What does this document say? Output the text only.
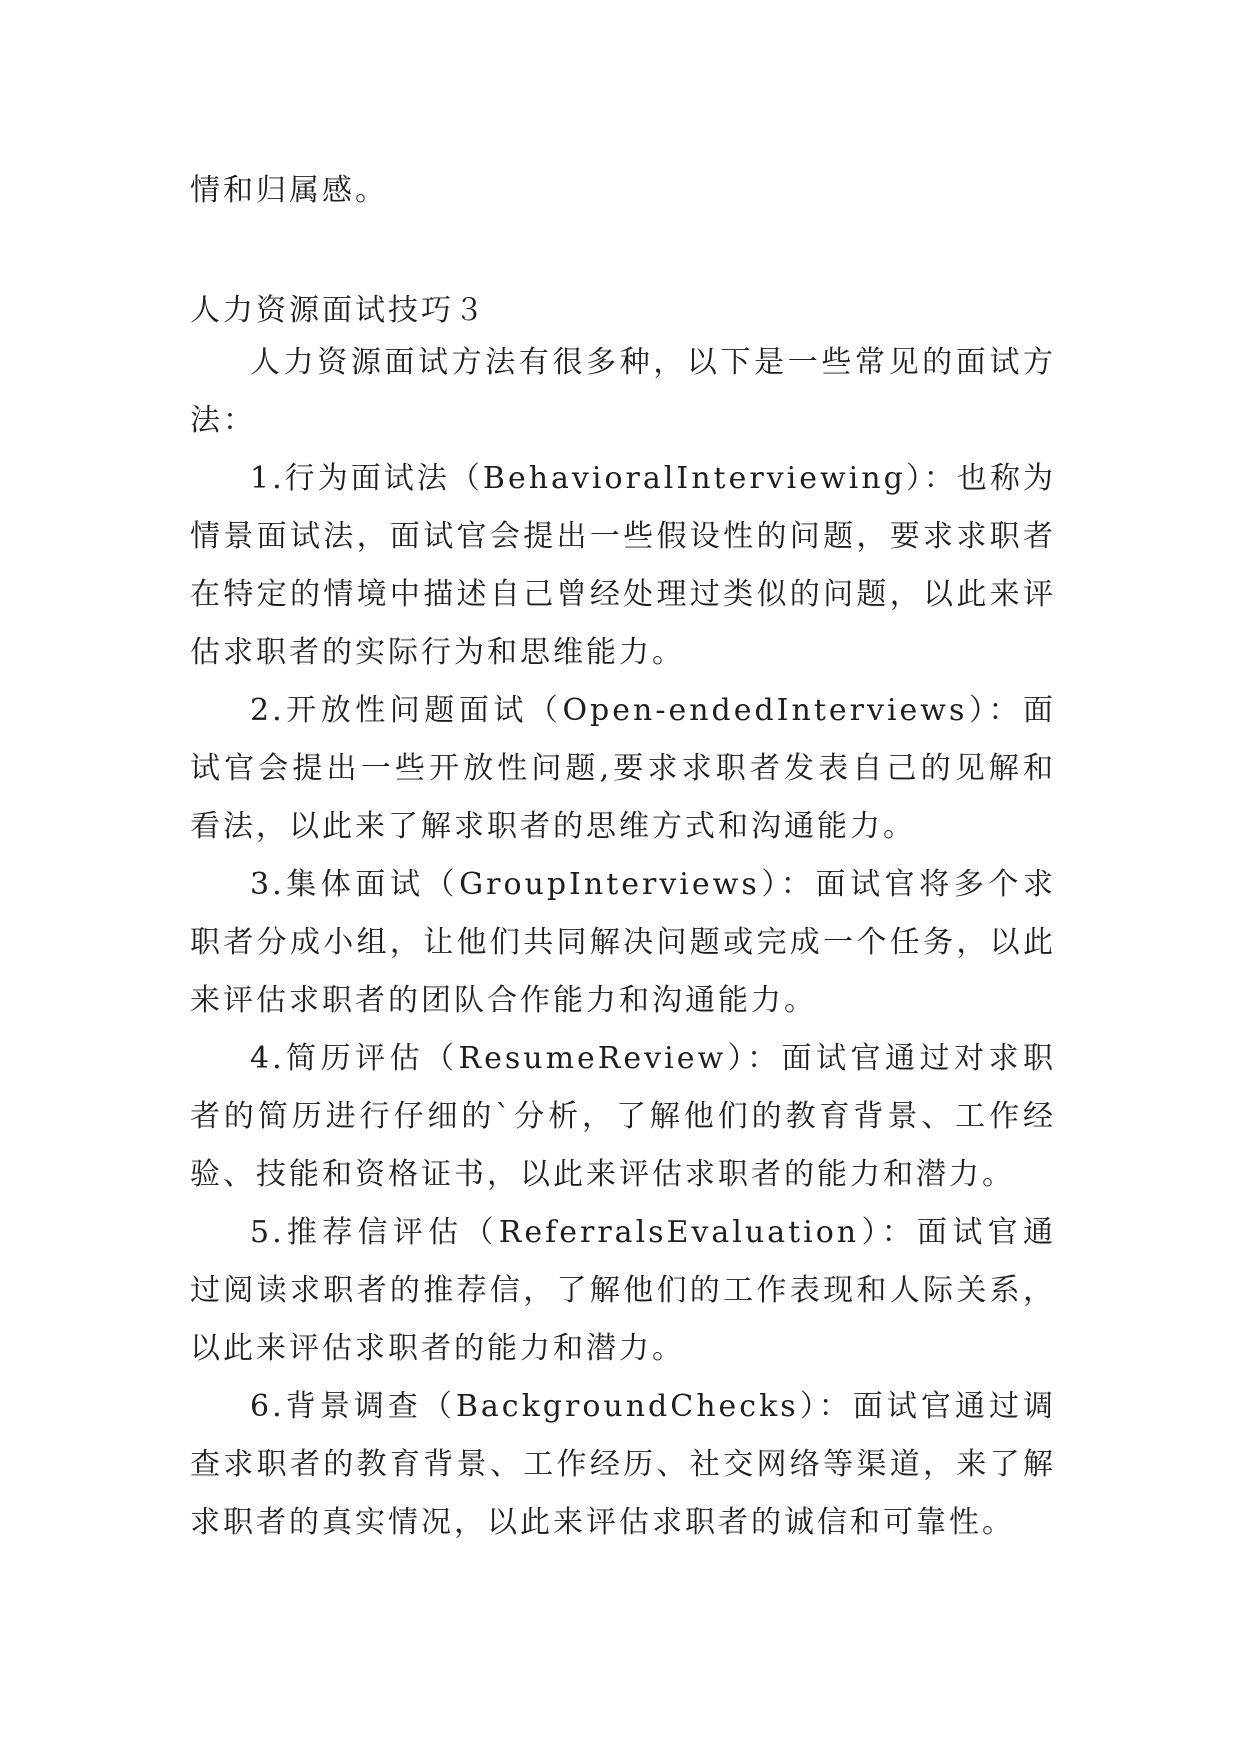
情和归属感。
人力资源面试技巧３

人力资源面试方法有很多种，以下是一些常见的面试方法：

1.行为面试法（BehavioralInterviewing）：也称为情景面试法，面试官会提出一些假设性的问题，要求求职者在特定的情境中描述自己曾经处理过类似的问题，以此来评估求职者的实际行为和思维能力。

2.开放性问题面试（Open-endedInterviews）：面试官会提出一些开放性问题,要求求职者发表自己的见解和看法，以此来了解求职者的思维方式和沟通能力。

3.集体面试（GroupInterviews）：面试官将多个求职者分成小组，让他们共同解决问题或完成一个任务，以此来评估求职者的团队合作能力和沟通能力。

4.简历评估（ResumeReview）：面试官通过对求职者的简历进行仔细的`分析，了解他们的教育背景、工作经验、技能和资格证书，以此来评估求职者的能力和潜力。

5.推荐信评估（ReferralsEvaluation）：面试官通过阅读求职者的推荐信，了解他们的工作表现和人际关系，以此来评估求职者的能力和潜力。

6.背景调查（BackgroundChecks）：面试官通过调查求职者的教育背景、工作经历、社交网络等渠道，来了解求职者的真实情况，以此来评估求职者的诚信和可靠性。
